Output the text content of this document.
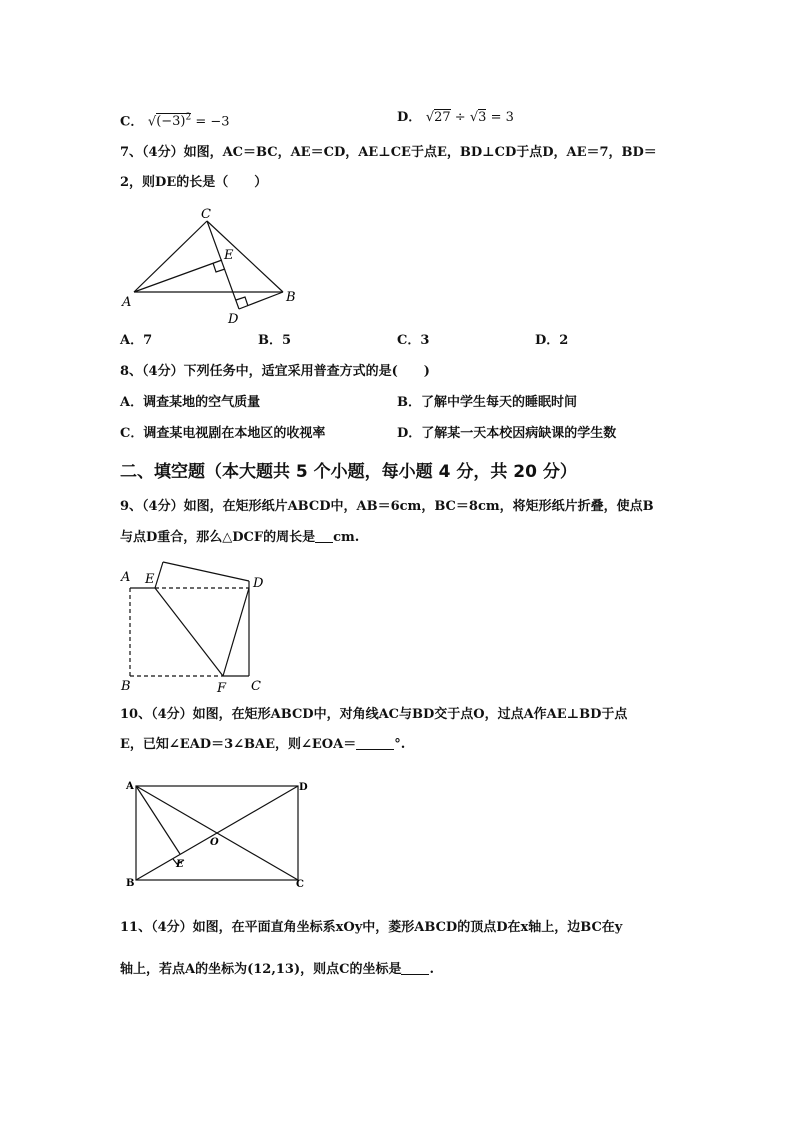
C． $√(-3)^2 = -3$	D． √27 ÷ √3 = 3
7、（4分）如图，AC＝BC，AE＝CD，AE⊥CE于点E，BD⊥CD于点D，AE＝7，BD＝
2，则DE的长是（　　）
C
E
A	B
D
A．7	B．5	C．3	D．2
8、（4分）下列任务中，适宜采用普查方式的是(　　)
A．调查某地的空气质量	B．了解中学生每天的睡眠时间
C．调查某电视剧在本地区的收视率	D．了解某一天本校因病缺课的学生数
二、填空题（本大题共 5 个小题，每小题 4 分，共 20 分）
9、（4分）如图，在矩形纸片ABCD中，AB＝6cm，BC＝8cm，将矩形纸片折叠，使点B
与点D重合，那么△DCF的周长是 cm.
A E	D
B	F C
10、（4分）如图，在矩形ABCD中，对角线AC与BD交于点O，过点A作AE⊥BD于点
E，已知∠EAD＝3∠BAE，则∠EOA＝	°.
A	D
O
E
B	C
11、（4分）如图，在平面直角坐标系xOy中，菱形ABCD的顶点D在x轴上，边BC在y
轴上，若点A的坐标为(12,13)，则点C的坐标是 .
